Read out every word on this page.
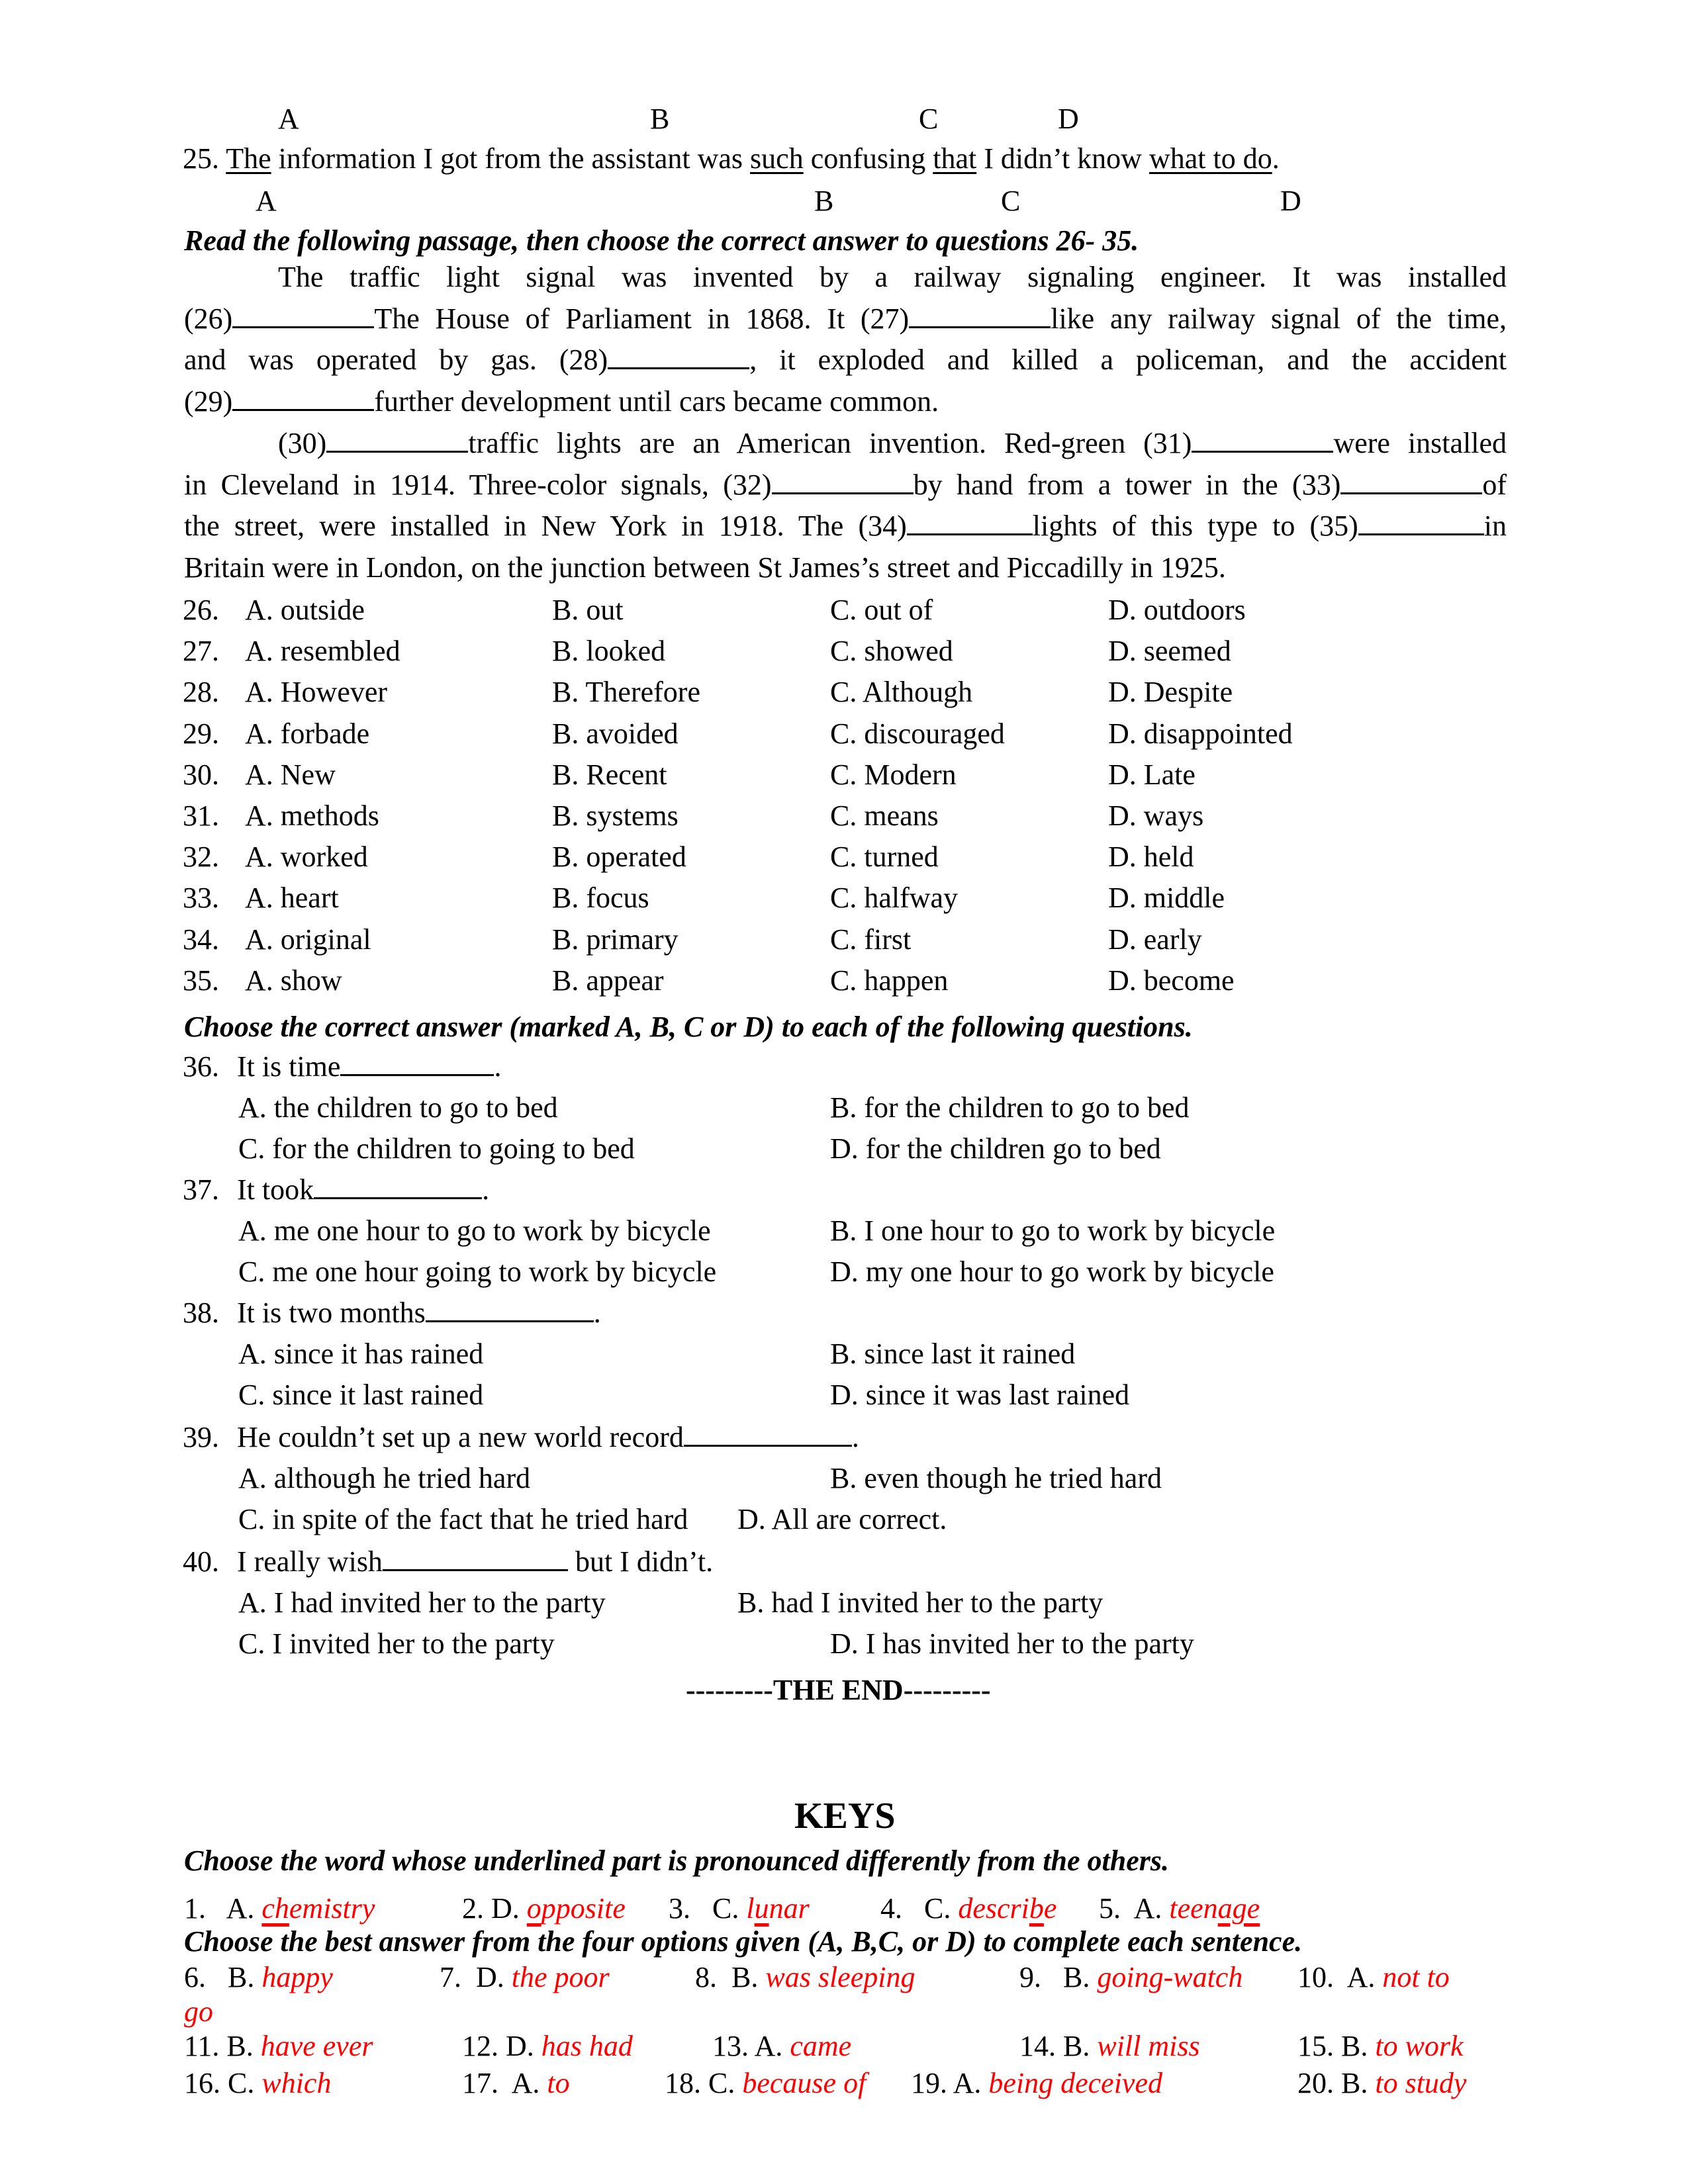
A	B	C	D
25. The information I got from the assistant was such confusing that I didn’t know what to do.
A	B	C	D
Read the following passage, then choose the correct answer to questions 26- 35.

The traffic light signal was invented by a railway signaling engineer. It was installed

(26)	The House of Parliament in 1868. It (27)	like any railway signal of the time,

and was operated by gas. (28)	, it exploded and killed a policeman, and the accident

(29)	further development until cars became common.

(30)	traffic lights are an American invention. Red-green (31)	were installed

in Cleveland in 1914. Three-color signals, (32)	by hand from a tower in the (33)	of

the street, were installed in New York in 1918. The (34)	lights of this type to (35)	in

Britain were in London, on the junction between St James’s street and Piccadilly in 1925.

26. A. outside	B. out	C. out of	D. outdoors
27. A. resembled	B. looked	C. showed	D. seemed
28. A. However	B. Therefore	C. Although	D. Despite
29. A. forbade	B. avoided	C. discouraged	D. disappointed
30. A. New	B. Recent	C. Modern	D. Late
31. A. methods	B. systems	C. means	D. ways
32. A. worked	B. operated	C. turned	D. held
33. A. heart	B. focus	C. halfway	D. middle
34. A. original	B. primary	C. first	D. early
35. A. show	B. appear	C. happen	D. become
Choose the correct answer (marked A, B, C or D) to each of the following questions.
36. It is time	.
A. the children to go to bed	B. for the children to go to bed
C. for the children to going to bed	D. for the children go to bed
37. It took	.
A. me one hour to go to work by bicycle	B. I one hour to go to work by bicycle
C. me one hour going to work by bicycle	D. my one hour to go work by bicycle
38. It is two months	.
A. since it has rained	B. since last it rained
C. since it last rained	D. since it was last rained
39. He couldn’t set up a new world record	.
A. although he tried hard	B. even though he tried hard
C. in spite of the fact that he tried hard D. All are correct.
40. I really wish	but I didn’t.
A. I had invited her to the party	B. had I invited her to the party
C. I invited her to the party	D. I has invited her to the party
---------THE END---------
KEYS
Choose the word whose underlined part is pronounced differently from the others.
1.   A. chemistry	2. D. opposite 3.   C. lunar 4.   C. describe 5.  A. teenage
Choose the best answer from the four options given (A, B,C, or D) to complete each sentence.
6.   B. happy	7.  D. the poor	8.  B. was sleeping	9.   B. going-watch 10.  A. not to
go
11. B. have ever	12. D. has had	13. A. came	14. B. will miss	15. B. to work
16. C. which	17.  A. to	18. C. because of 19. A. being deceived	20. B. to study
